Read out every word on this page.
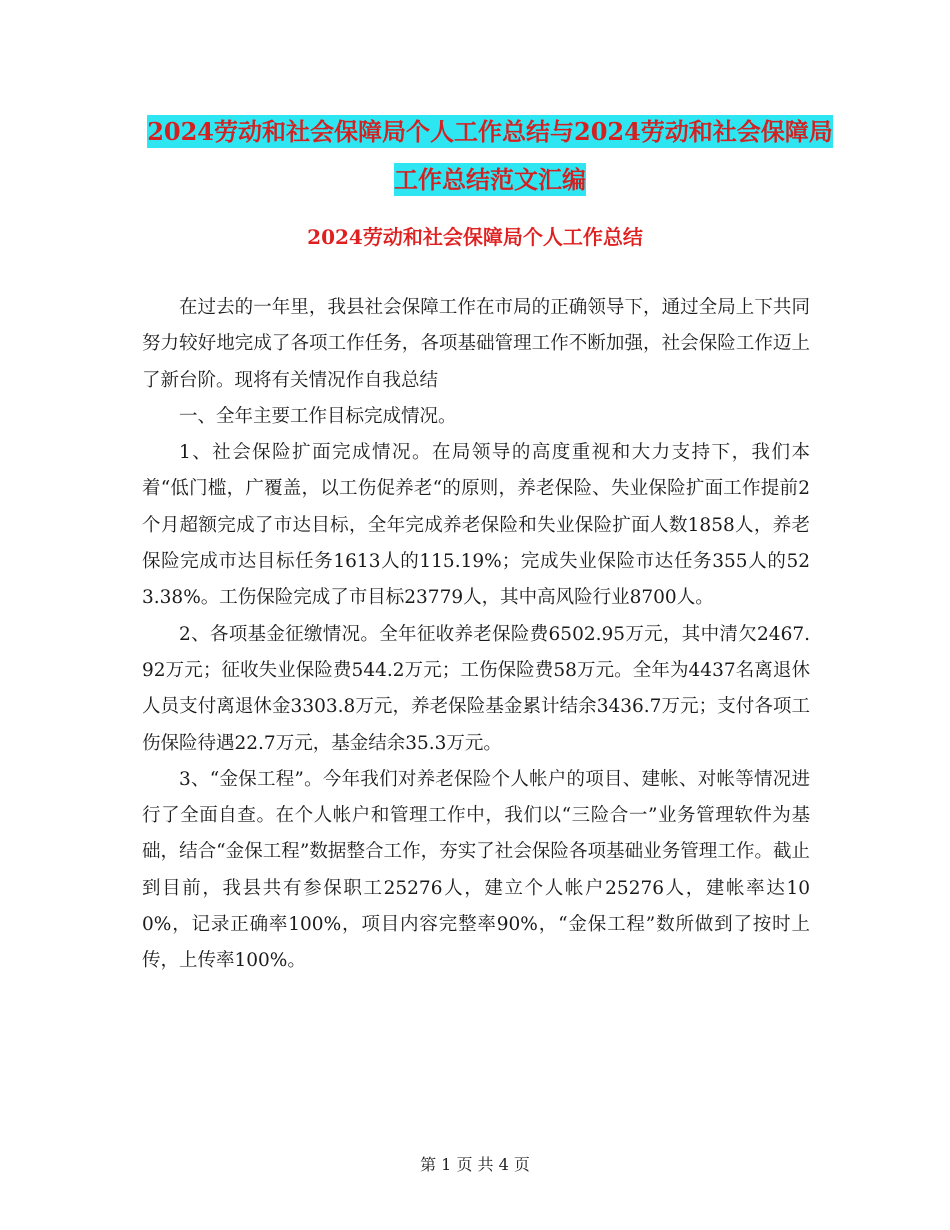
2024劳动和社会保障局个人工作总结与2024劳动和社会保障局工作总结范文汇编
2024劳动和社会保障局个人工作总结

在过去的一年里，我县社会保障工作在市局的正确领导下，通过全局上下共同努力较好地完成了各项工作任务，各项基础管理工作不断加强，社会保险工作迈上了新台阶。现将有关情况作自我总结

一、全年主要工作目标完成情况。

1、社会保险扩面完成情况。在局领导的高度重视和大力支持下，我们本着“低门槛，广覆盖，以工伤促养老“的原则，养老保险、失业保险扩面工作提前2个月超额完成了市达目标，全年完成养老保险和失业保险扩面人数1858人，养老保险完成市达目标任务1613人的115.19%；完成失业保险市达任务355人的523.38%。工伤保险完成了市目标23779人，其中高风险行业8700人。

2、各项基金征缴情况。全年征收养老保险费6502.95万元，其中清欠2467.92万元；征收失业保险费544.2万元；工伤保险费58万元。全年为4437名离退休人员支付离退休金3303.8万元，养老保险基金累计结余3436.7万元；支付各项工伤保险待遇22.7万元，基金结余35.3万元。

3、“金保工程”。今年我们对养老保险个人帐户的项目、建帐、对帐等情况进行了全面自查。在个人帐户和管理工作中，我们以“三险合一”业务管理软件为基础，结合“金保工程”数据整合工作，夯实了社会保险各项基础业务管理工作。截止到目前，我县共有参保职工25276人，建立个人帐户25276人，建帐率达100%，记录正确率100%，项目内容完整率90%，“金保工程”数所做到了按时上传，上传率100%。

第 1 页 共 4 页
